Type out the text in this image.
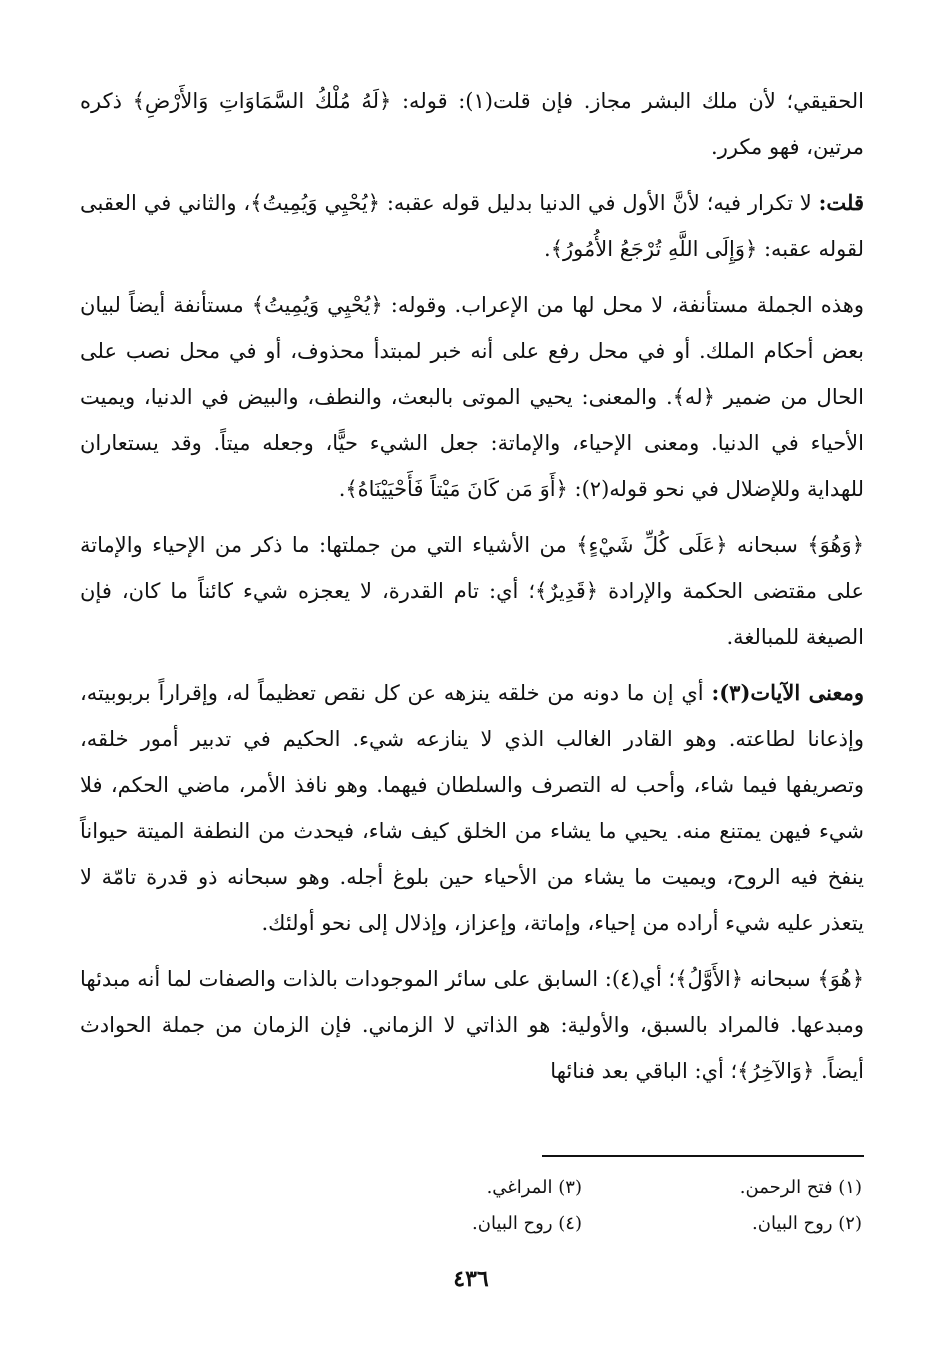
الحقيقي؛ لأن ملك البشر مجاز. فإن قلت(١): قوله: ﴿لَهُ مُلْكُ السَّمَاوَاتِ وَالأَرْضِ﴾ ذكره مرتين، فهو مكرر.

قلت: لا تكرار فيه؛ لأنَّ الأول في الدنيا بدليل قوله عقبه: ﴿يُحْيِي وَيُمِيتُ﴾، والثاني في العقبى لقوله عقبه: ﴿وَإِلَى اللَّهِ تُرْجَعُ الأُمُورُ﴾.

وهذه الجملة مستأنفة، لا محل لها من الإعراب. وقوله: ﴿يُحْيِي وَيُمِيتُ﴾ مستأنفة أيضاً لبيان بعض أحكام الملك. أو في محل رفع على أنه خبر لمبتدأ محذوف، أو في محل نصب على الحال من ضمير ﴿له﴾. والمعنى: يحيي الموتى بالبعث، والنطف، والبيض في الدنيا، ويميت الأحياء في الدنيا. ومعنى الإحياء، والإماتة: جعل الشيء حيًّا، وجعله ميتاً. وقد يستعاران للهداية وللإضلال في نحو قوله(٢): ﴿أَوَ مَن كَانَ مَيْتاً فَأَحْيَيْنَاهُ﴾.

﴿وَهُوَ﴾ سبحانه ﴿عَلَى كُلِّ شَيْءٍ﴾ من الأشياء التي من جملتها: ما ذكر من الإحياء والإماتة على مقتضى الحكمة والإرادة ﴿قَدِيرٌ﴾؛ أي: تام القدرة، لا يعجزه شيء كائناً ما كان، فإن الصيغة للمبالغة.

ومعنى الآيات(٣): أي إن ما دونه من خلقه ينزهه عن كل نقص تعظيماً له، وإقراراً بربوبيته، وإذعانا لطاعته. وهو القادر الغالب الذي لا ينازعه شيء. الحكيم في تدبير أمور خلقه، وتصريفها فيما شاء، وأحب له التصرف والسلطان فيهما. وهو نافذ الأمر، ماضي الحكم، فلا شيء فيهن يمتنع منه. يحيي ما يشاء من الخلق كيف شاء، فيحدث من النطفة الميتة حيواناً ينفخ فيه الروح، ويميت ما يشاء من الأحياء حين بلوغ أجله. وهو سبحانه ذو قدرة تامّة لا يتعذر عليه شيء أراده من إحياء، وإماتة، وإعزاز، وإذلال إلى نحو أولئك.

﴿هُوَ﴾ سبحانه ﴿الأَوَّلُ﴾؛ أي(٤): السابق على سائر الموجودات بالذات والصفات لما أنه مبدئها ومبدعها. فالمراد بالسبق، والأولية: هو الذاتي لا الزماني. فإن الزمان من جملة الحوادث أيضاً. ﴿وَالآخِرُ﴾؛ أي: الباقي بعد فنائها

(١) فتح الرحمن.
(٣) المراغي.
(٢) روح البيان.
(٤) روح البيان.
٤٣٦
